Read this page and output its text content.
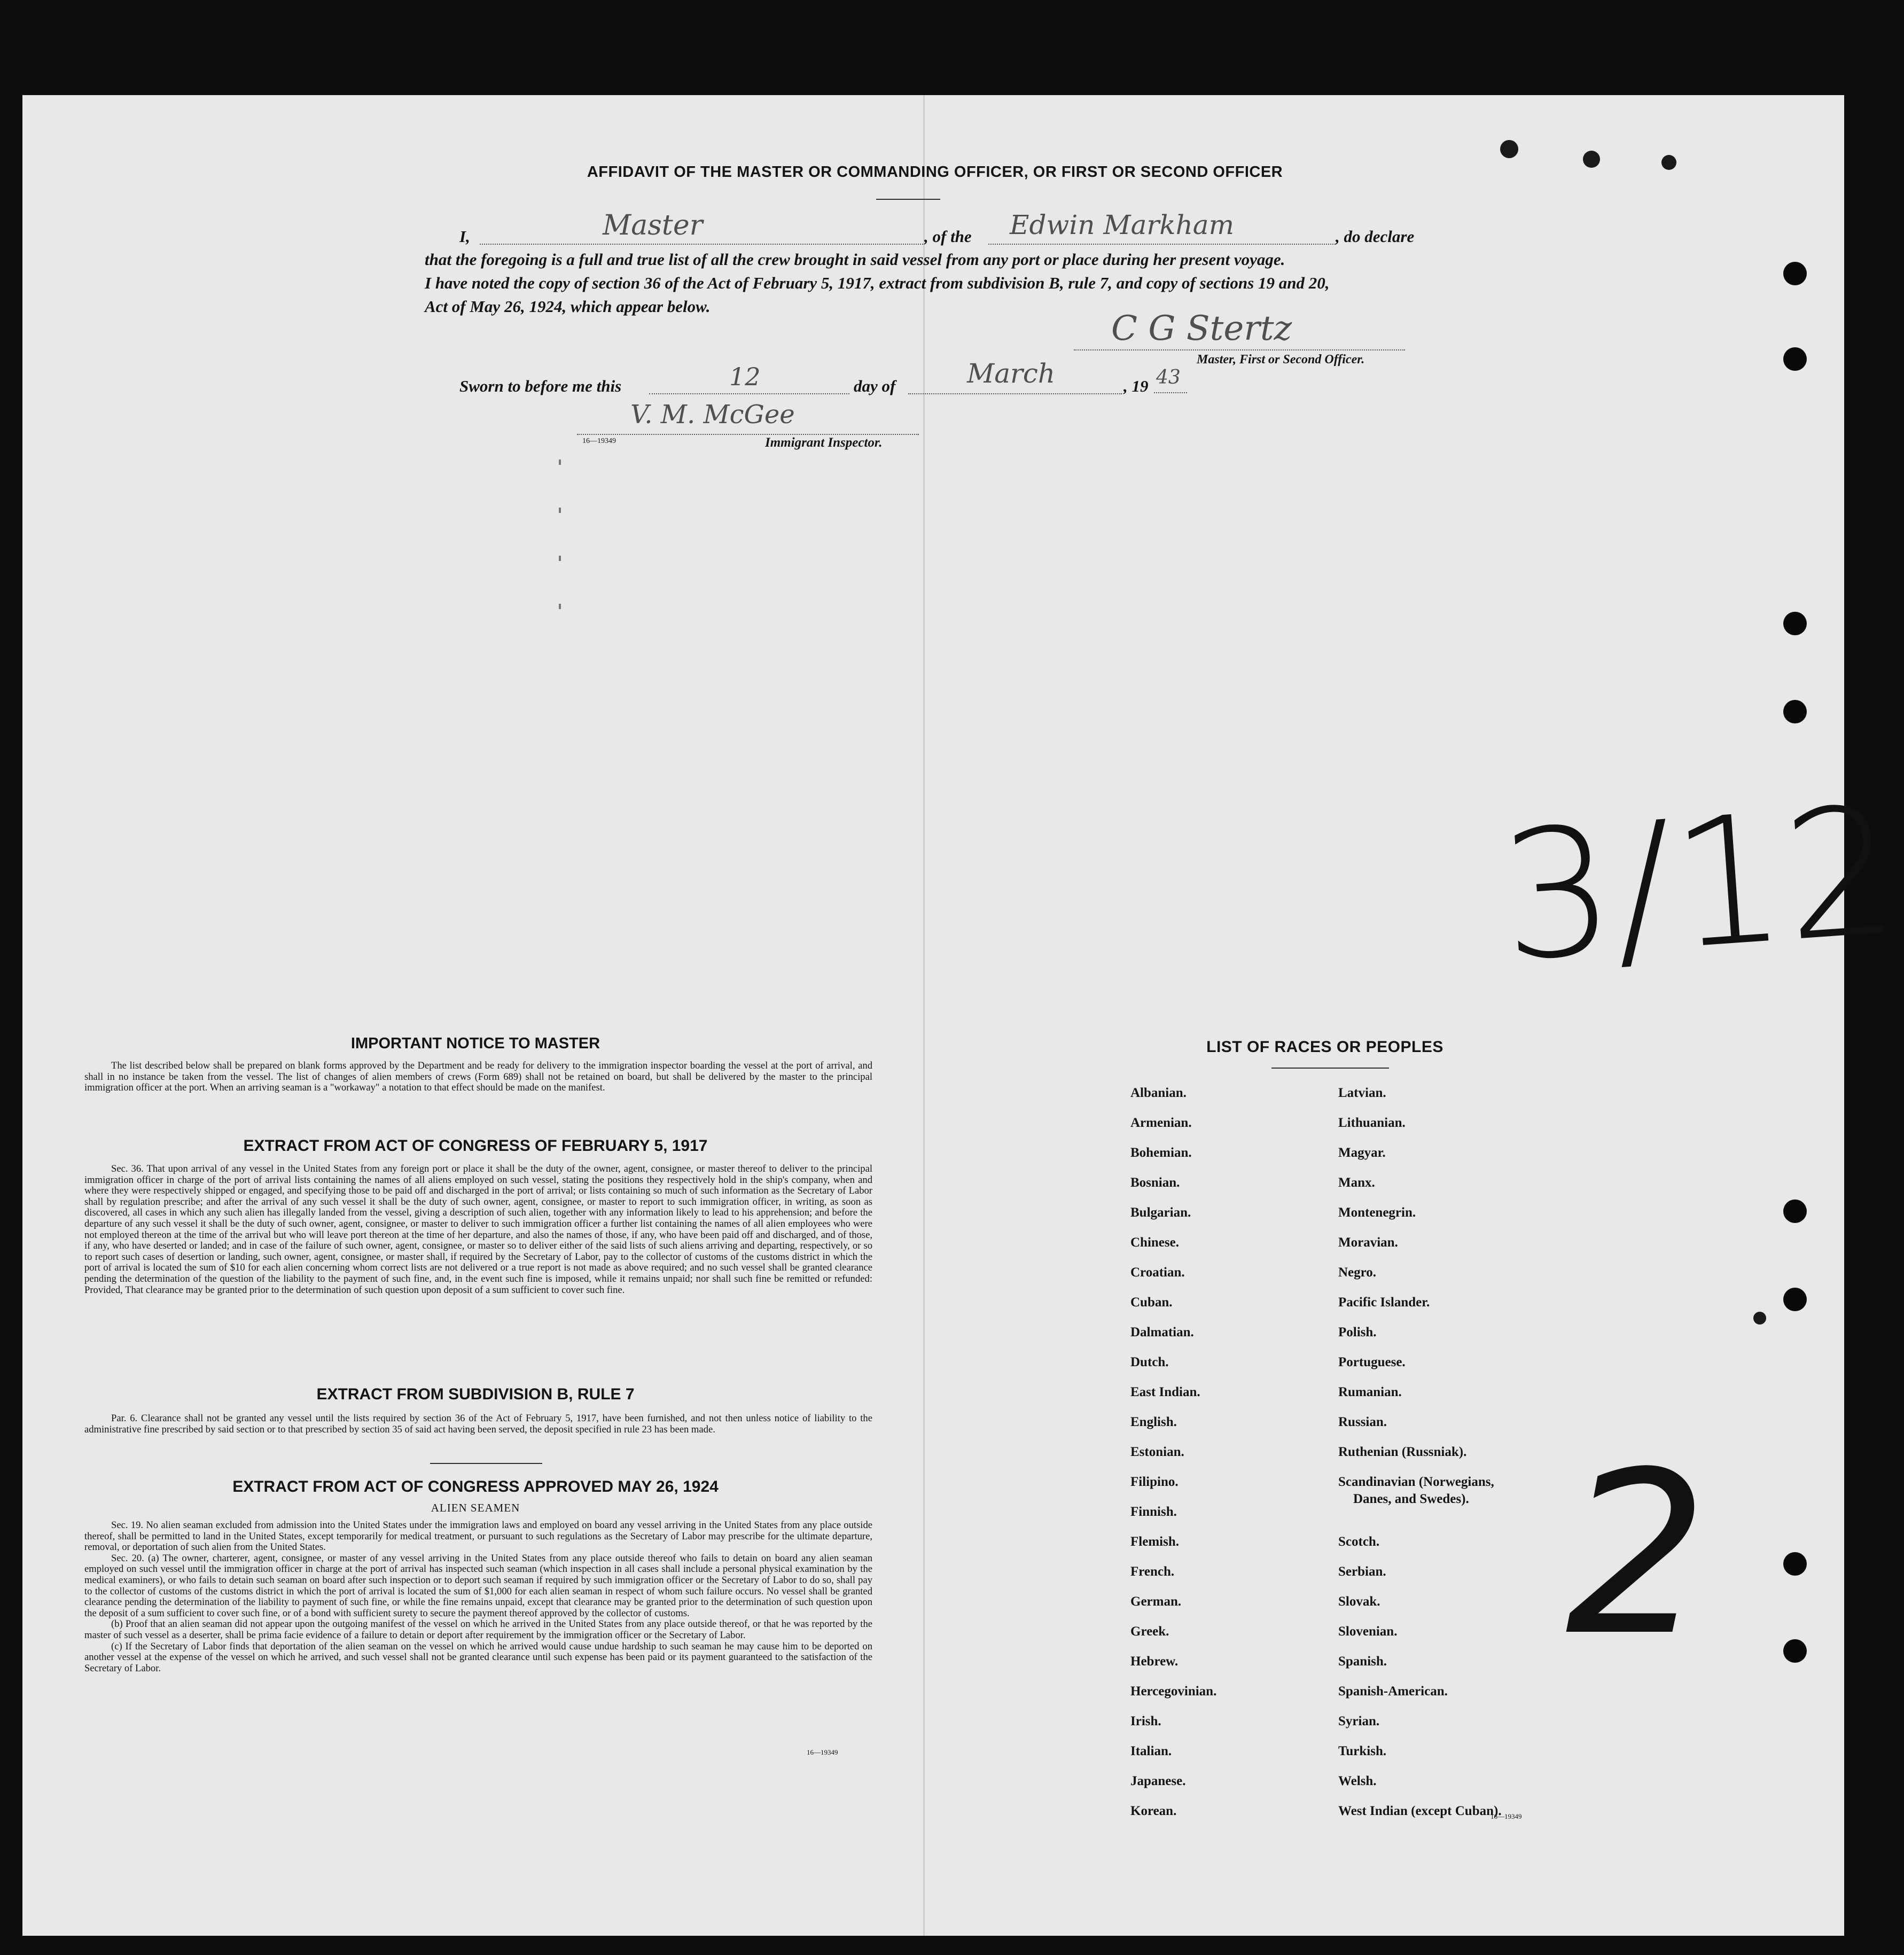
AFFIDAVIT OF THE MASTER OR COMMANDING OFFICER, OR FIRST OR SECOND OFFICER
I,	Master	, of the Edwin Markham	, do declare
that the foregoing is a full and true list of all the crew brought in said vessel from any port or place during her present voyage.
I have noted the copy of section 36 of the Act of February 5, 1917, extract from subdivision B, rule 7, and copy of sections 19 and 20,
Act of May 26, 1924, which appear below.
C G Stertz
Master, First or Second Officer.
Sworn to before me this	12	day of	March	, 19 43
V. M. McGee
16—19349	Immigrant Inspector.
IMPORTANT NOTICE TO MASTER

The list described below shall be prepared on blank forms approved by the Department and be ready for delivery to the immigration inspector boarding the vessel at the port of arrival, and shall in no instance be taken from the vessel. The list of changes of alien members of crews (Form 689) shall not be retained on board, but shall be delivered by the master to the principal immigration officer at the port. When an arriving seaman is a "workaway" a notation to that effect should be made on the manifest.

EXTRACT FROM ACT OF CONGRESS OF FEBRUARY 5, 1917

Sec. 36. That upon arrival of any vessel in the United States from any foreign port or place it shall be the duty of the owner, agent, consignee, or master thereof to deliver to the principal immigration officer in charge of the port of arrival lists containing the names of all aliens employed on such vessel, stating the positions they respectively hold in the ship's company, when and where they were respectively shipped or engaged, and specifying those to be paid off and discharged in the port of arrival; or lists containing so much of such information as the Secretary of Labor shall by regulation prescribe; and after the arrival of any such vessel it shall be the duty of such owner, agent, consignee, or master to report to such immigration officer, in writing, as soon as discovered, all cases in which any such alien has illegally landed from the vessel, giving a description of such alien, together with any information likely to lead to his apprehension; and before the departure of any such vessel it shall be the duty of such owner, agent, consignee, or master to deliver to such immigration officer a further list containing the names of all alien employees who were not employed thereon at the time of the arrival but who will leave port thereon at the time of her departure, and also the names of those, if any, who have been paid off and discharged, and of those, if any, who have deserted or landed; and in case of the failure of such owner, agent, consignee, or master so to deliver either of the said lists of such aliens arriving and departing, respectively, or so to report such cases of desertion or landing, such owner, agent, consignee, or master shall, if required by the Secretary of Labor, pay to the collector of customs of the customs district in which the port of arrival is located the sum of $10 for each alien concerning whom correct lists are not delivered or a true report is not made as above required; and no such vessel shall be granted clearance pending the determination of the question of the liability to the payment of such fine, and, in the event such fine is imposed, while it remains unpaid; nor shall such fine be remitted or refunded: Provided, That clearance may be granted prior to the determination of such question upon deposit of a sum sufficient to cover such fine.

EXTRACT FROM SUBDIVISION B, RULE 7

Par. 6. Clearance shall not be granted any vessel until the lists required by section 36 of the Act of February 5, 1917, have been furnished, and not then unless notice of liability to the administrative fine prescribed by said section or to that prescribed by section 35 of said act having been served, the deposit specified in rule 23 has been made.

EXTRACT FROM ACT OF CONGRESS APPROVED MAY 26, 1924
ALIEN SEAMEN

Sec. 19. No alien seaman excluded from admission into the United States under the immigration laws and employed on board any vessel arriving in the United States from any place outside thereof, shall be permitted to land in the United States, except temporarily for medical treatment, or pursuant to such regulations as the Secretary of Labor may prescribe for the ultimate departure, removal, or deportation of such alien from the United States.

Sec. 20. (a) The owner, charterer, agent, consignee, or master of any vessel arriving in the United States from any place outside thereof who fails to detain on board any alien seaman employed on such vessel until the immigration officer in charge at the port of arrival has inspected such seaman (which inspection in all cases shall include a personal physical examination by the medical examiners), or who fails to detain such seaman on board after such inspection or to deport such seaman if required by such immigration officer or the Secretary of Labor to do so, shall pay to the collector of customs of the customs district in which the port of arrival is located the sum of $1,000 for each alien seaman in respect of whom such failure occurs. No vessel shall be granted clearance pending the determination of the liability to payment of such fine, or while the fine remains unpaid, except that clearance may be granted prior to the determination of such question upon the deposit of a sum sufficient to cover such fine, or of a bond with sufficient surety to secure the payment thereof approved by the collector of customs.

(b) Proof that an alien seaman did not appear upon the outgoing manifest of the vessel on which he arrived in the United States from any place outside thereof, or that he was reported by the master of such vessel as a deserter, shall be prima facie evidence of a failure to detain or deport after requirement by the immigration officer or the Secretary of Labor.

(c) If the Secretary of Labor finds that deportation of the alien seaman on the vessel on which he arrived would cause undue hardship to such seaman he may cause him to be deported on another vessel at the expense of the vessel on which he arrived, and such vessel shall not be granted clearance until such expense has been paid or its payment guaranteed to the satisfaction of the Secretary of Labor.

16—19349
LIST OF RACES OR PEOPLES
Albanian.
Armenian.
Bohemian.
Bosnian.
Bulgarian.
Chinese.
Croatian.
Cuban.
Dalmatian.
Dutch.
East Indian.
English.
Estonian.
Filipino.
Finnish.
Flemish.
French.
German.
Greek.
Hebrew.
Hercegovinian.
Irish.
Italian.
Japanese.
Korean.
Latvian.
Lithuanian.
Magyar.
Manx.
Montenegrin.
Moravian.
Negro.
Pacific Islander.
Polish.
Portuguese.
Rumanian.
Russian.
Ruthenian (Russniak).
Scandinavian (Norwegians,
Danes, and Swedes).
Scotch.
Serbian.
Slovak.
Slovenian.
Spanish.
Spanish-American.
Syrian.
Turkish.
Welsh.
West Indian (except Cuban).
16—19349
3/12
2
